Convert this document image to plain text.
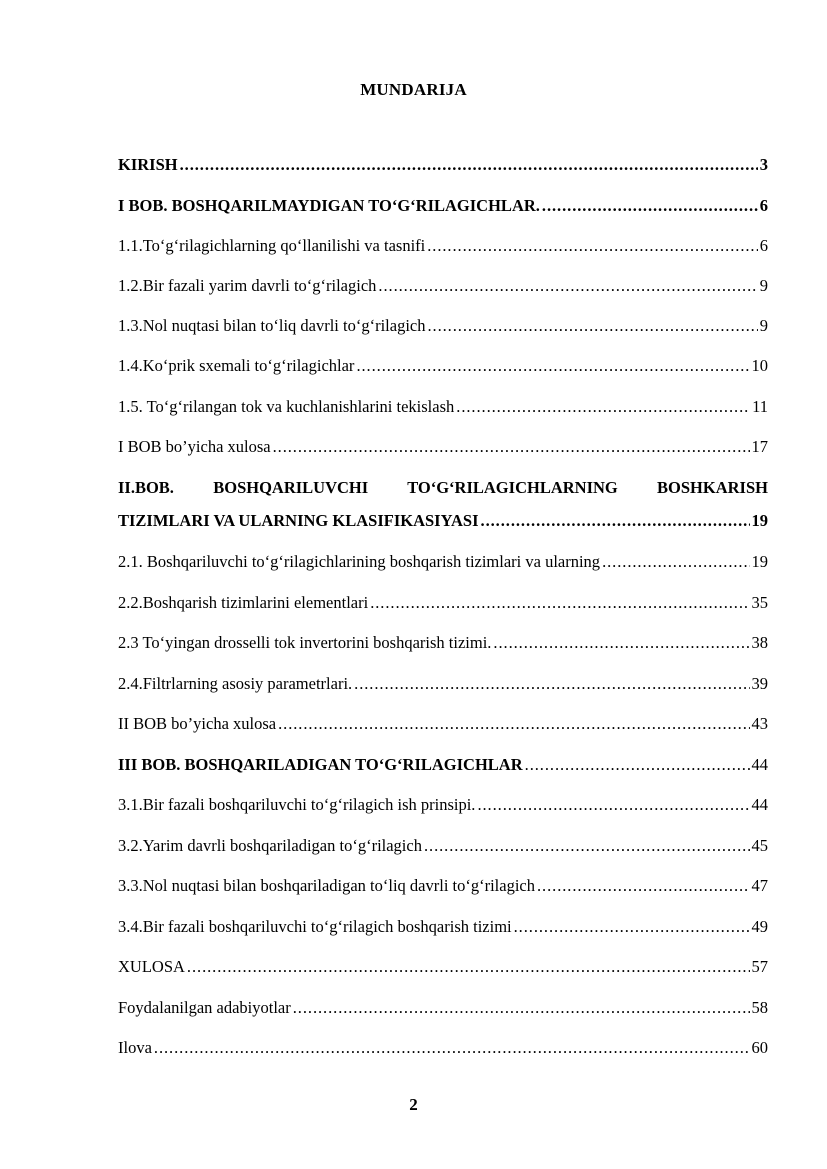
MUNDARIJA
KIRISH . . .	3
I BOB. BOSHQARILMAYDIGAN TO‘G‘RILAGICHLAR. . . .	6
1.1.To‘g‘rilagichlarning qo‘llanilishi va tasnifi . . .	6
1.2.Bir fazali yarim davrli to‘g‘rilagich . . .	9
1.3.Nol nuqtasi bilan to‘liq davrli to‘g‘rilagich . . .	9
1.4.Ko‘prik sxemali to‘g‘rilagichlar . . .	10
1.5. To‘g‘rilangan tok va kuchlanishlarini tekislash . . .	11
I BOB bo’yicha xulosa . . .	17
II.BOB. BOSHQARILUVCHI TO‘G‘RILAGICHLARNING BOSHKARISH
TIZIMLARI VA ULARNING KLASIFIKASIYASI . . .	19
2.1. Boshqariluvchi to‘g‘rilagichlarining boshqarish tizimlari va ularning . . .	19
2.2.Boshqarish tizimlarini elementlari . . .	35
2.3 To‘yingan drosselli tok invertorini boshqarish tizimi. . . .	38
2.4.Filtrlarning asosiy parametrlari. . . .	39
II BOB bo’yicha xulosa . . .	43
III BOB. BOSHQARILADIGAN TO‘G‘RILAGICHLAR . . .	44
3.1.Bir fazali boshqariluvchi to‘g‘rilagich ish prinsipi. . . .	44
3.2.Yarim davrli boshqariladigan to‘g‘rilagich . . .	45
3.3.Nol nuqtasi bilan boshqariladigan to‘liq davrli to‘g‘rilagich . . .	47
3.4.Bir fazali boshqariluvchi to‘g‘rilagich boshqarish tizimi . . .	49
XULOSA . . .	57
Foydalanilgan adabiyotlar . . .	58
Ilova . . .	60
2
